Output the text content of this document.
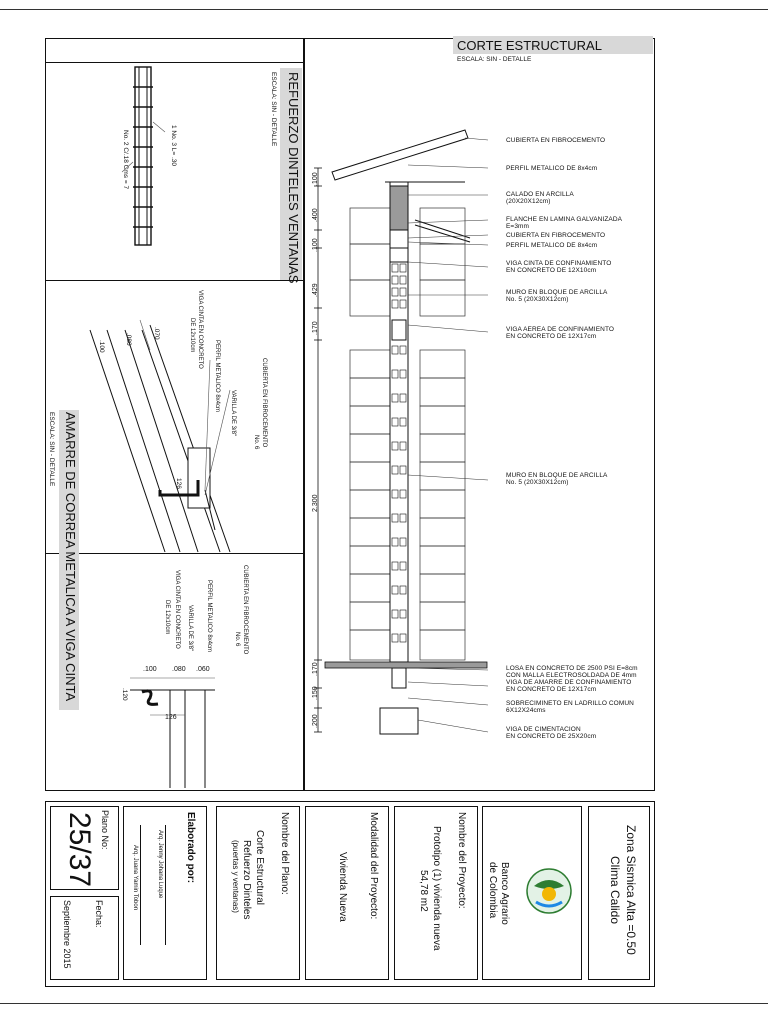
REFUERZO DINTELES VENTANAS
ESCALA: SIN - DETALLE
1 No. 3 L= .30
No. 2 C/.18 Cms = 7
AMARRE DE CORREA METALICA A VIGA CINTA
ESCALA: SIN - DETALLE
.070
.080
.100
126
CUBIERTA EN FIBROCEMENTO
No. 6
PERFIL METALICO 8x4cm
VARILLA DE 3/8"
VIGA CINTA EN CONCRETO
DE 12x10cm
CUBIERTA EN FIBROCEMENTO
No. 6
PERFIL METALICO 8x4cm
VARILLA DE 3/8"
VIGA CINTA EN CONCRETO
DE 12x10cm
.100 .080 .060
.120
126
CORTE ESTRUCTURAL
ESCALA: SIN - DETALLE
.100
.400
.100
.429
.170
2.300
.170
.150
.200
CUBIERTA EN FIBROCEMENTO
PERFIL METALICO DE 8x4cm
CALADO EN ARCILLA
(20X20X12cm)
FLANCHE EN LAMINA GALVANIZADA
E=3mm
CUBIERTA EN FIBROCEMENTO
PERFIL METALICO DE 8x4cm
VIGA CINTA DE CONFINAMIENTO
EN CONCRETO DE 12X10cm
MURO EN BLOQUE DE ARCILLA
No. 5 (20X30X12cm)
VIGA AEREA DE CONFINAMIENTO
EN CONCRETO DE 12X17cm
MURO EN BLOQUE DE ARCILLA
No. 5 (20X30X12cm)
LOSA EN CONCRETO DE 2500 PSI E=8cm
CON MALLA ELECTROSOLDADA DE 4mm
VIGA DE AMARRE DE CONFINAMIENTO
EN CONCRETO DE 12X17cm
SOBRECIMINETO EN LADRILLO COMUN
6X12X24cms
VIGA DE CIMENTACION
EN CONCRETO DE 25X20cm
Plano No:
25/37
Fecha:
Septiembre 2015
Elaborado por:
Arq. Jenny Johana Luque
Arq. Juana Yamin Tobon	Nombre del Plano:
Corte Estructural
Refuerzo Dinteles
(puertas y ventanas)	Modalidad del Proyecto:
Vivienda Nueva	Nombre del Proyecto:
Prototipo (1) vivienda nueva
54,78 m2	Banco Agrario
de Colombia	Zona Sismica Alta =0.50
Clima Calido
